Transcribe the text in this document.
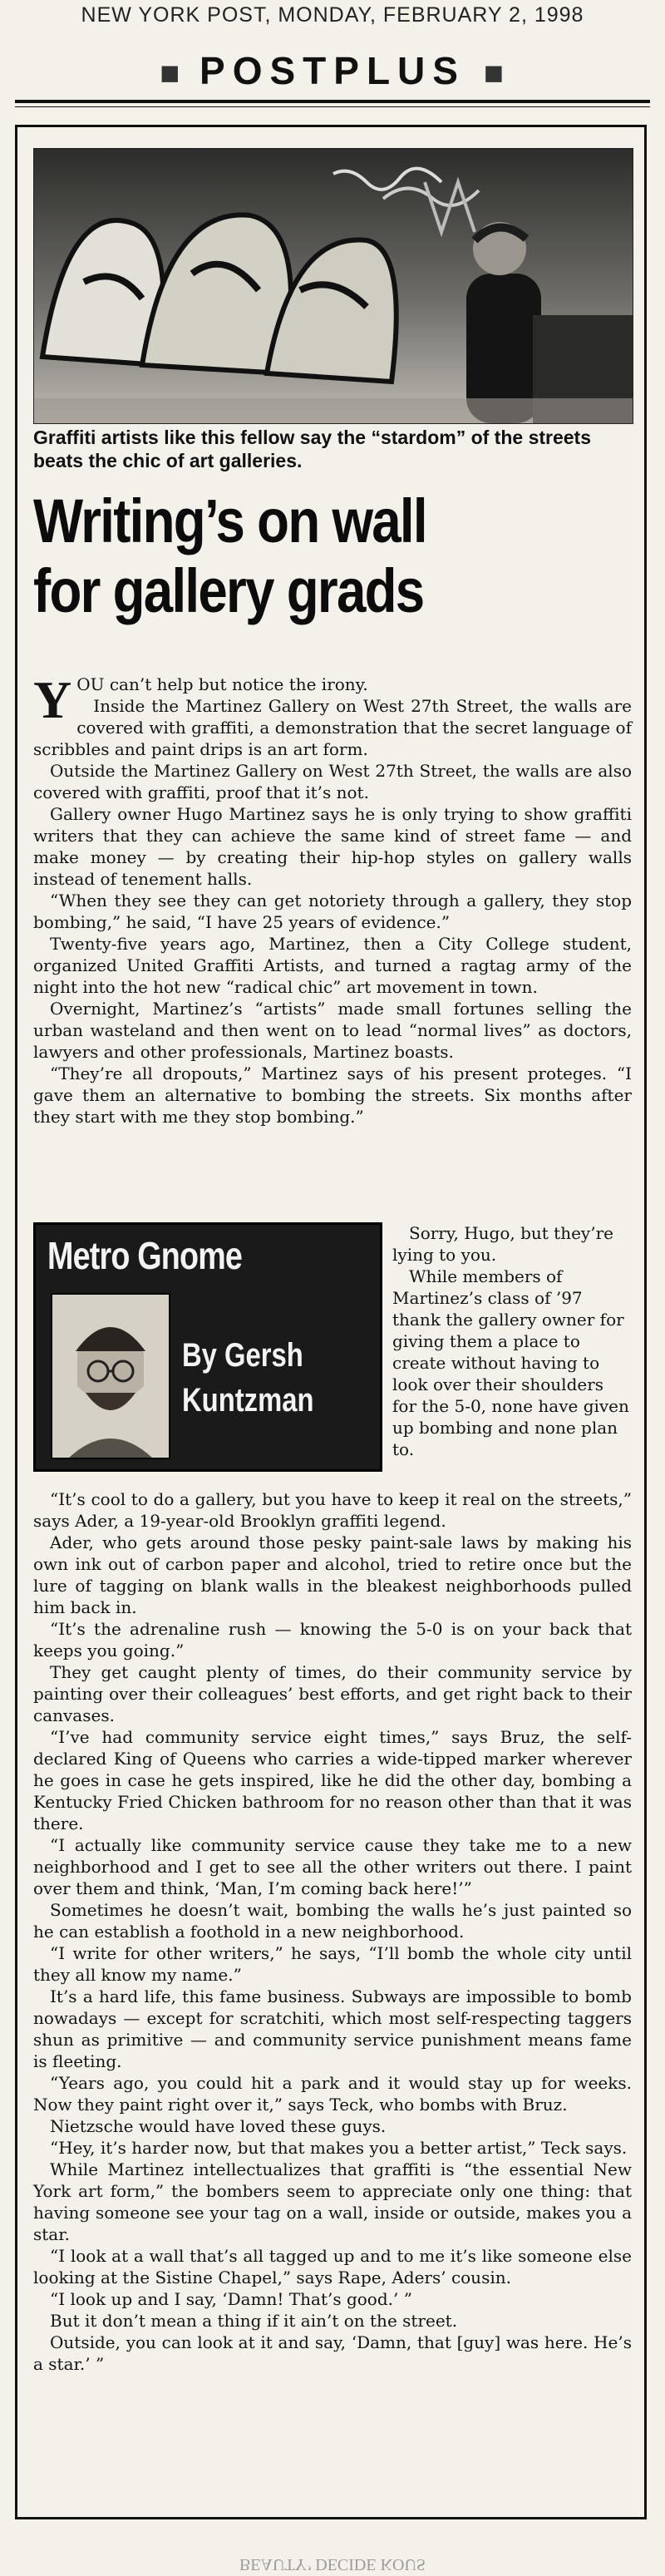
NEW YORK POST, MONDAY, FEBRUARY 2, 1998
■ POSTPLUS ■
Graffiti artists like this fellow say the “stardom” of the streets beats the chic of art galleries.
Writing’s on wall
for gallery grads

YOU can’t help but notice the irony.

Inside the Martinez Gallery on West 27th Street, the walls are covered with graffiti, a demonstration that the secret language of scribbles and paint drips is an art form.

Outside the Martinez Gallery on West 27th Street, the walls are also covered with graffiti, proof that it’s not.

Gallery owner Hugo Martinez says he is only trying to show graffiti writers that they can achieve the same kind of street fame — and make money — by creating their hip-hop styles on gallery walls instead of tenement halls.

“When they see they can get notoriety through a gallery, they stop bombing,” he said, “I have 25 years of evidence.”

Twenty-five years ago, Martinez, then a City College student, organized United Graffiti Artists, and turned a ragtag army of the night into the hot new “radical chic” art movement in town.

Overnight, Martinez’s “artists” made small fortunes selling the urban wasteland and then went on to lead “normal lives” as doctors, lawyers and other professionals, Martinez boasts.

“They’re all dropouts,” Martinez says of his present proteges. “I gave them an alternative to bombing the streets. Six months after they start with me they stop bombing.”

Metro Gnome
By Gersh
Kuntzman

Sorry, Hugo, but they’re lying to you.

While members of Martinez’s class of ’97 thank the gallery owner for giving them a place to create without having to look over their shoulders for the 5-0, none have given up bombing and none plan to.

“It’s cool to do a gallery, but you have to keep it real on the streets,” says Ader, a 19-year-old Brooklyn graffiti legend.

Ader, who gets around those pesky paint-sale laws by making his own ink out of carbon paper and alcohol, tried to retire once but the lure of tagging on blank walls in the bleakest neighborhoods pulled him back in.

“It’s the adrenaline rush — knowing the 5-0 is on your back that keeps you going.”

They get caught plenty of times, do their community service by painting over their colleagues’ best efforts, and get right back to their canvases.

“I’ve had community service eight times,” says Bruz, the self-declared King of Queens who carries a wide-tipped marker wherever he goes in case he gets inspired, like he did the other day, bombing a Kentucky Fried Chicken bathroom for no reason other than that it was there.

“I actually like community service cause they take me to a new neighborhood and I get to see all the other writers out there. I paint over them and think, ‘Man, I’m coming back here!’”

Sometimes he doesn’t wait, bombing the walls he’s just painted so he can establish a foothold in a new neighborhood.

“I write for other writers,” he says, “I’ll bomb the whole city until they all know my name.”

It’s a hard life, this fame business. Subways are impossible to bomb nowadays — except for scratchiti, which most self-respecting taggers shun as primitive — and community service punishment means fame is fleeting.

“Years ago, you could hit a park and it would stay up for weeks. Now they paint right over it,” says Teck, who bombs with Bruz.

Nietzsche would have loved these guys.

“Hey, it’s harder now, but that makes you a better artist,” Teck says.

While Martinez intellectualizes that graffiti is “the essential New York art form,” the bombers seem to appreciate only one thing: that having someone see your tag on a wall, inside or outside, makes you a star.

“I look at a wall that’s all tagged up and to me it’s like someone else looking at the Sistine Chapel,” says Rape, Aders’ cousin.

“I look up and I say, ‘Damn! That’s good.’ ”

But it don’t mean a thing if it ain’t on the street.

Outside, you can look at it and say, ‘Damn, that [guy] was here. He’s a star.’ ”

BEAUTY’ DECIDE KOUS
